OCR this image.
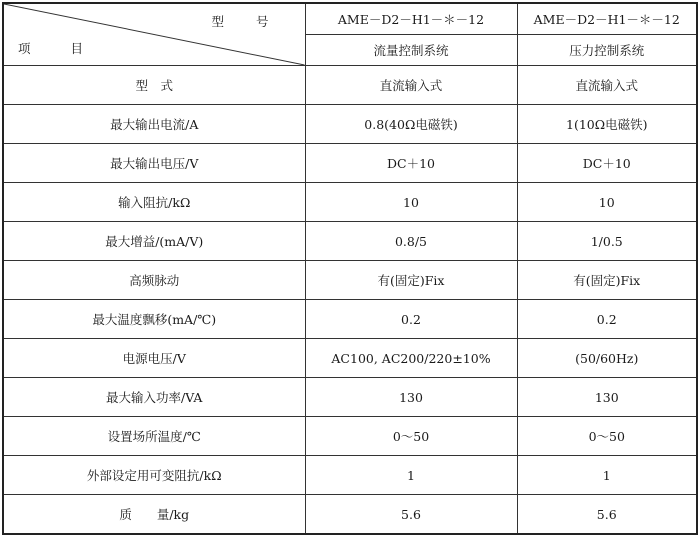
型 号
项 目	AME－D2－H1－＊－12	AME－D2－H1－＊－12
	流量控制系统	压力控制系统
型　式	直流输入式	直流输入式
最大输出电流/A	0.8(40Ω电磁铁)	1(10Ω电磁铁)
最大输出电压/V	DC＋10	DC＋10
输入阻抗/kΩ	10	10
最大增益/(mA/V)	0.8/5	1/0.5
高频脉动	有(固定)Fix	有(固定)Fix
最大温度飘移(mA/℃)	0.2	0.2
电源电压/V	AC100, AC200/220±10%	(50/60Hz)
最大输入功率/VA	130	130
设置场所温度/℃	0～50	0～50
外部设定用可变阻抗/kΩ	1	1
质　　量/kg	5.6	5.6
